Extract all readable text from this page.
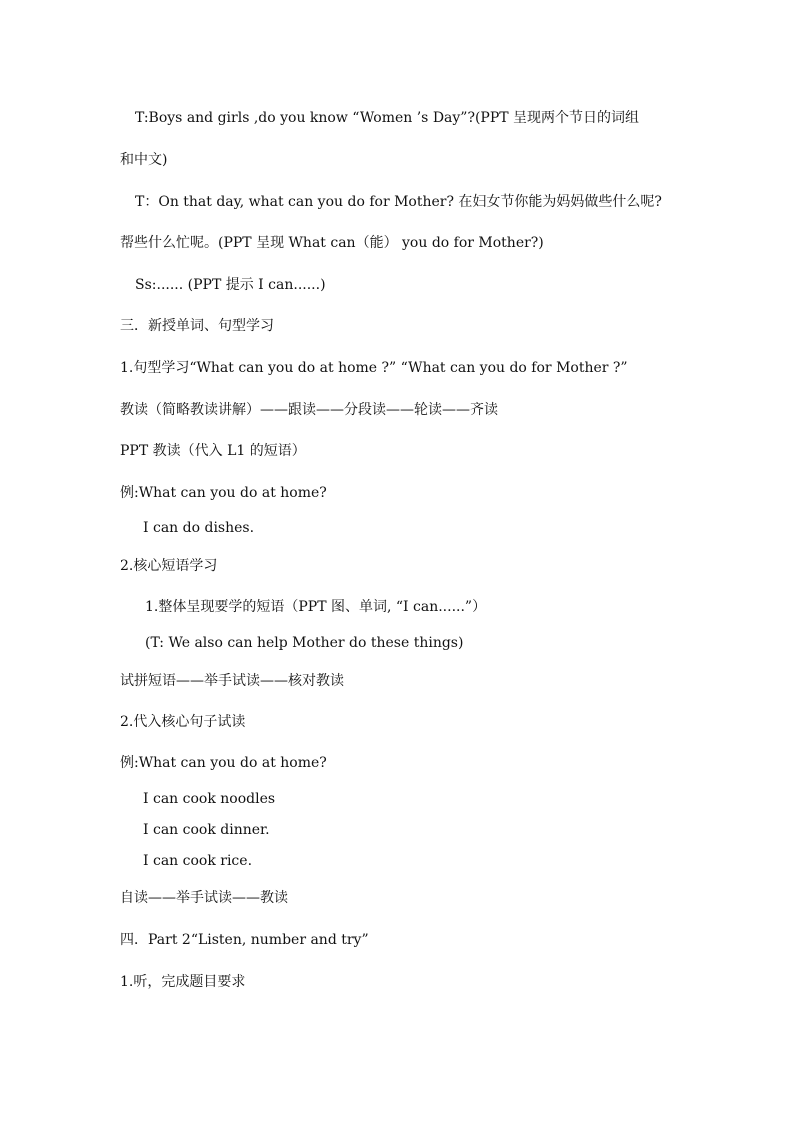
T:Boys and girls ,do you know “Women ’s Day”?(PPT 呈现两个节日的词组
和中文)
T：On that day, what can you do for Mother? 在妇女节你能为妈妈做些什么呢?
帮些什么忙呢。(PPT 呈现 What can（能） you do for Mother?)
Ss:...... (PPT 提示 I can......)
三．新授单词、句型学习
1.句型学习“What can you do at home ?” “What can you do for Mother ?”
教读（简略教读讲解）——跟读——分段读——轮读——齐读
PPT 教读（代入 L1 的短语）
例:What can you do at home?
I can do dishes.
2.核心短语学习
1.整体呈现要学的短语（PPT 图、单词, “I can......”）
(T: We also can help Mother do these things)
试拼短语——举手试读——核对教读
2.代入核心句子试读
例:What can you do at home?
I can cook noodles
I can cook dinner.
I can cook rice.
自读——举手试读——教读
四．Part 2“Listen, number and try”
1.听，完成题目要求
